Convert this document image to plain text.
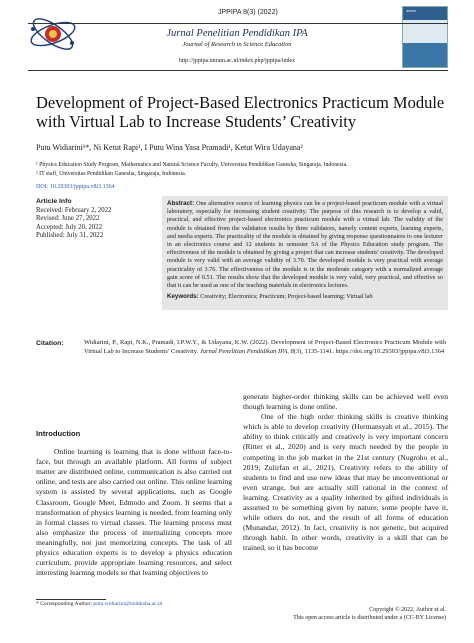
JPPIPA 8(3) (2022)
Jurnal Penelitian Pendidikan IPA
Journal of Research in Science Education
http://jppipa.unram.ac.id/index.php/jppipa/index
JPPIPA
Development of Project-Based Electronics Practicum Module with Virtual Lab to Increase Students’ Creativity
Putu Widiarini¹*, Ni Ketut Rapi¹, I Putu Wina Yasa Pramadi¹, Ketut Wira Udayana²
¹ Physics Education Study Program, Mathematics and Natural Science Faculty, Universitas Pendidikan Ganesha, Singaraja, Indonesia.
² IT staff, Universitas Pendidikan Ganesha, Singaraja, Indonesia.
DOI: 10.29303/jppipa.v8i3.1364
Article Info
Received: February 2, 2022
Revised: June 27, 2022
Accepted: July 20, 2022
Published: July 31, 2022
Abstract: One alternative source of learning physics can be a project-based practicum module with a virtual laboratory, especially for increasing student creativity. The purpose of this research is to develop a valid, practical, and effective project-based electronics practicum module with a virtual lab. The validity of the module is obtained from the validation results by three validators, namely content experts, learning experts, and media experts. The practicality of the module is obtained by giving response questionnaires to one lecturer in an electronics course and 12 students in semester 5A of the Physics Education study program. The effectiveness of the module is obtained by giving a project that can increase students' creativity. The developed module is very valid with an average validity of 3.70. The developed module is very practical with average practicality of 3.76. The effectiveness of the module is in the moderate category with a normalized average gain score of 0.51. The results show that the developed module is very valid, very practical, and effective so that it can be used as one of the teaching materials in electronics lectures.
Keywords: Creativity; Electronics; Practicum; Project-based learning; Virtual lab
Citation:	Widiarini, P., Rapi, N.K., Pramadi, I.P.W.Y., & Udayana, K.W. (2022). Development of Project-Based Electronics Practicum Module with Virtual Lab to Increase Students’ Creativity. Jurnal Penelitian Pendidikan IPA, 8(3), 1135-1141. https://doi.org/10.29303/jppipa.v8i3.1364
Introduction

Online learning is learning that is done without face-to-face, but through an available platform. All forms of subject matter are distributed online, communication is also carried out online, and tests are also carried out online. This online learning system is assisted by several applications, such as Google Classroom, Google Meet, Edmodo and Zoom. It seems that a transformation of physics learning is needed, from learning only in formal classes to virtual classes. The learning process must also emphasize the process of internalizing concepts more meaningfully, not just memorizing concepts. The task of all physics education experts is to develop a physics education curriculum, provide appropriate learning resources, and select interesting learning models so that learning objectives to

generate higher-order thinking skills can be achieved well even though learning is done online.

One of the high order thinking skills is creative thinking which is able to develop creativity (Hermansyah et al., 2015). The ability to think critically and creatively is very important concern (Ritter et al., 2020) and is very much needed by the people in competing in the job market in the 21st century (Nugroho et al., 2019; Zulirfan et al., 2021). Creativity refers to the ability of students to find and use new ideas that may be unconventional or even strange, but are actually still rational in the context of learning. Creativity as a quality inherited by gifted individuals is assumed to be something given by nature, some people have it, while others do not, and the result of all forms of education (Munandar, 2012). In fact, creativity is not genetic, but acquired through habit. In other words, creativity is a skill that can be trained, so it has become

* Corresponding Author: putu.widiarini@undiksha.ac.id
Copyright © 2022, Author et al.
This open access article is distributed under a (CC-BY License)
